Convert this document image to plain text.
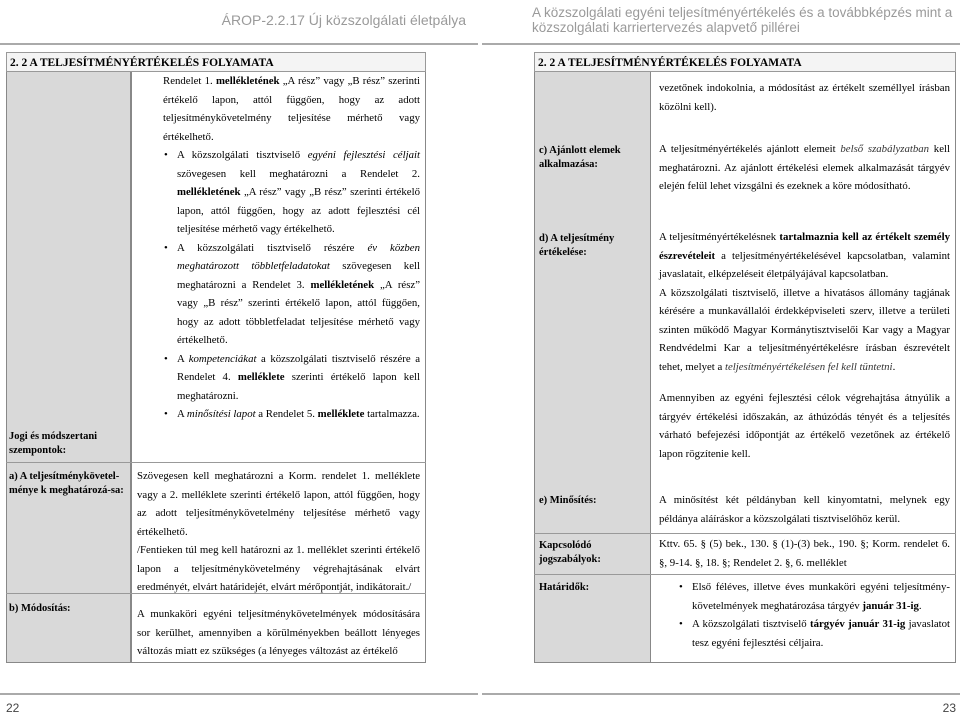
ÁROP-2.2.17 Új közszolgálati életpálya	A közszolgálati egyéni teljesítményértékelés és a továbbképzés mint a
közszolgálati karriertervezés alapvető pillérei
2. 2 A TELJESÍTMÉNYÉRTÉKELÉS FOLYAMATA
Jogi és módszertani szempontok:
a) A teljesítménykövetel-ménye k meghatározá-sa:
b) Módosítás:

Rendelet 1. mellékletének „A rész” vagy „B rész” szerinti értékelő lapon, attól függően, hogy az adott teljesítménykövetelmény teljesítése mérhető vagy értékelhető.

• A közszolgálati tisztviselő egyéni fejlesztési céljait szövegesen kell meghatározni a Rendelet 2. mellékletének „A rész” vagy „B rész” szerinti értékelő lapon, attól függően, hogy az adott fejlesztési cél teljesítése mérhető vagy értékelhető.

• A közszolgálati tisztviselő részére év közben meghatározott többletfeladatokat szövegesen kell meghatározni a Rendelet 3. mellékletének „A rész” vagy „B rész” szerinti értékelő lapon, attól függően, hogy az adott többletfeladat teljesítése mérhető vagy értékelhető.

• A kompetenciákat a közszolgálati tisztviselő részére a Rendelet 4. melléklete szerinti értékelő lapon kell meghatározni.

• A minősítési lapot a Rendelet 5. melléklete tartalmazza.

Szövegesen kell meghatározni a Korm. rendelet 1. melléklete vagy a 2. melléklete szerinti értékelő lapon, attól függően, hogy az adott teljesítménykövetelmény teljesítése mérhető vagy értékelhető.

/Fentieken túl meg kell határozni az 1. melléklet szerinti értékelő lapon a teljesítménykövetelmény végrehajtásának elvárt eredményét, elvárt határidejét, elvárt mérőpontját, indikátorait./

A munkaköri egyéni teljesítménykövetelmények módosítására sor kerülhet, amennyiben a körülményekben beállott lényeges változás miatt ez szükséges (a lényeges változást az értékelő
2. 2 A TELJESÍTMÉNYÉRTÉKELÉS FOLYAMATA
vezetőnek indokolnia, a módosítást az értékelt személlyel írásban közölni kell).
c) Ajánlott elemek alkalmazása:
A teljesítményértékelés ajánlott elemeit belső szabályzatban kell meghatározni. Az ajánlott értékelési elemek alkalmazását tárgyév elején felül lehet vizsgálni és ezeknek a köre módosítható.
d) A teljesítmény értékelése:

A teljesítményértékelésnek tartalmaznia kell az értékelt személy észrevételeit a teljesítményértékelésével kapcsolatban, valamint javaslatait, elképzeléseit életpályájával kapcsolatban.

A közszolgálati tisztviselő, illetve a hivatásos állomány tagjának kérésére a munkavállalói érdekképviseleti szerv, illetve a területi szinten működő Magyar Kormánytisztviselői Kar vagy a Magyar Rendvédelmi Kar a teljesítményértékelésre írásban észrevételt tehet, melyet a teljesítményértékelésen fel kell tüntetni.

Amennyiben az egyéni fejlesztési célok végrehajtása átnyúlik a tárgyév értékelési időszakán, az áthúzódás tényét és a teljesítés várható befejezési időpontját az értékelő vezetőnek az értékelő lapon rögzítenie kell.

e) Minősítés:	A minősítést két példányban kell kinyomtatni, melynek egy példánya aláíráskor a közszolgálati tisztviselőhöz kerül.
Kapcsolódó jogszabályok:
Kttv. 65. § (5) bek., 130. § (1)-(3) bek., 190. §; Korm. rendelet 6. §, 9-14. §, 18. §; Rendelet 2. §, 6. melléklet
Határidők:

•	Első féléves, illetve éves munkaköri egyéni teljesítmény-követelmények meghatározása tárgyév január 31-ig.

• A közszolgálati tisztviselő tárgyév január 31-ig javaslatot tesz egyéni fejlesztési céljaira.

22	23
